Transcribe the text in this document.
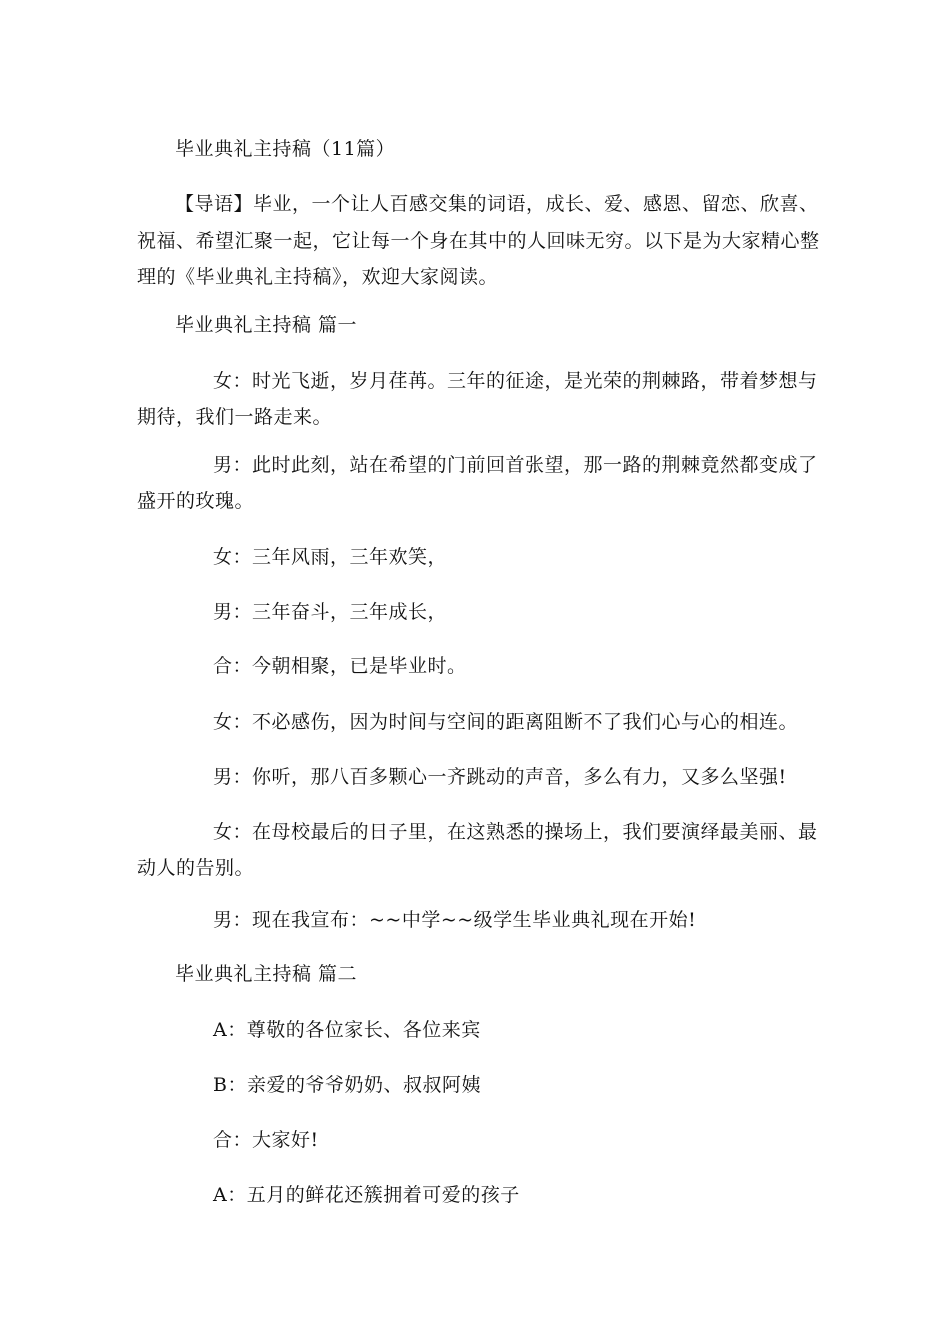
毕业典礼主持稿（11篇）
【导语】毕业，一个让人百感交集的词语，成长、爱、感恩、留恋、欣喜、
祝福、希望汇聚一起，它让每一个身在其中的人回味无穷。以下是为大家精心整
理的《毕业典礼主持稿》，欢迎大家阅读。
毕业典礼主持稿 篇一
女：时光飞逝，岁月荏苒。三年的征途，是光荣的荆棘路，带着梦想与
期待，我们一路走来。
男：此时此刻，站在希望的门前回首张望，那一路的荆棘竟然都变成了
盛开的玫瑰。
女：三年风雨，三年欢笑，
男：三年奋斗，三年成长，
合：今朝相聚，已是毕业时。
女：不必感伤，因为时间与空间的距离阻断不了我们心与心的相连。
男：你听，那八百多颗心一齐跳动的声音，多么有力，又多么坚强!
女：在母校最后的日子里，在这熟悉的操场上，我们要演绎最美丽、最
动人的告别。
男：现在我宣布：~~中学~~级学生毕业典礼现在开始!
毕业典礼主持稿 篇二
A：尊敬的各位家长、各位来宾
B：亲爱的爷爷奶奶、叔叔阿姨
合：大家好!
A：五月的鲜花还簇拥着可爱的孩子
